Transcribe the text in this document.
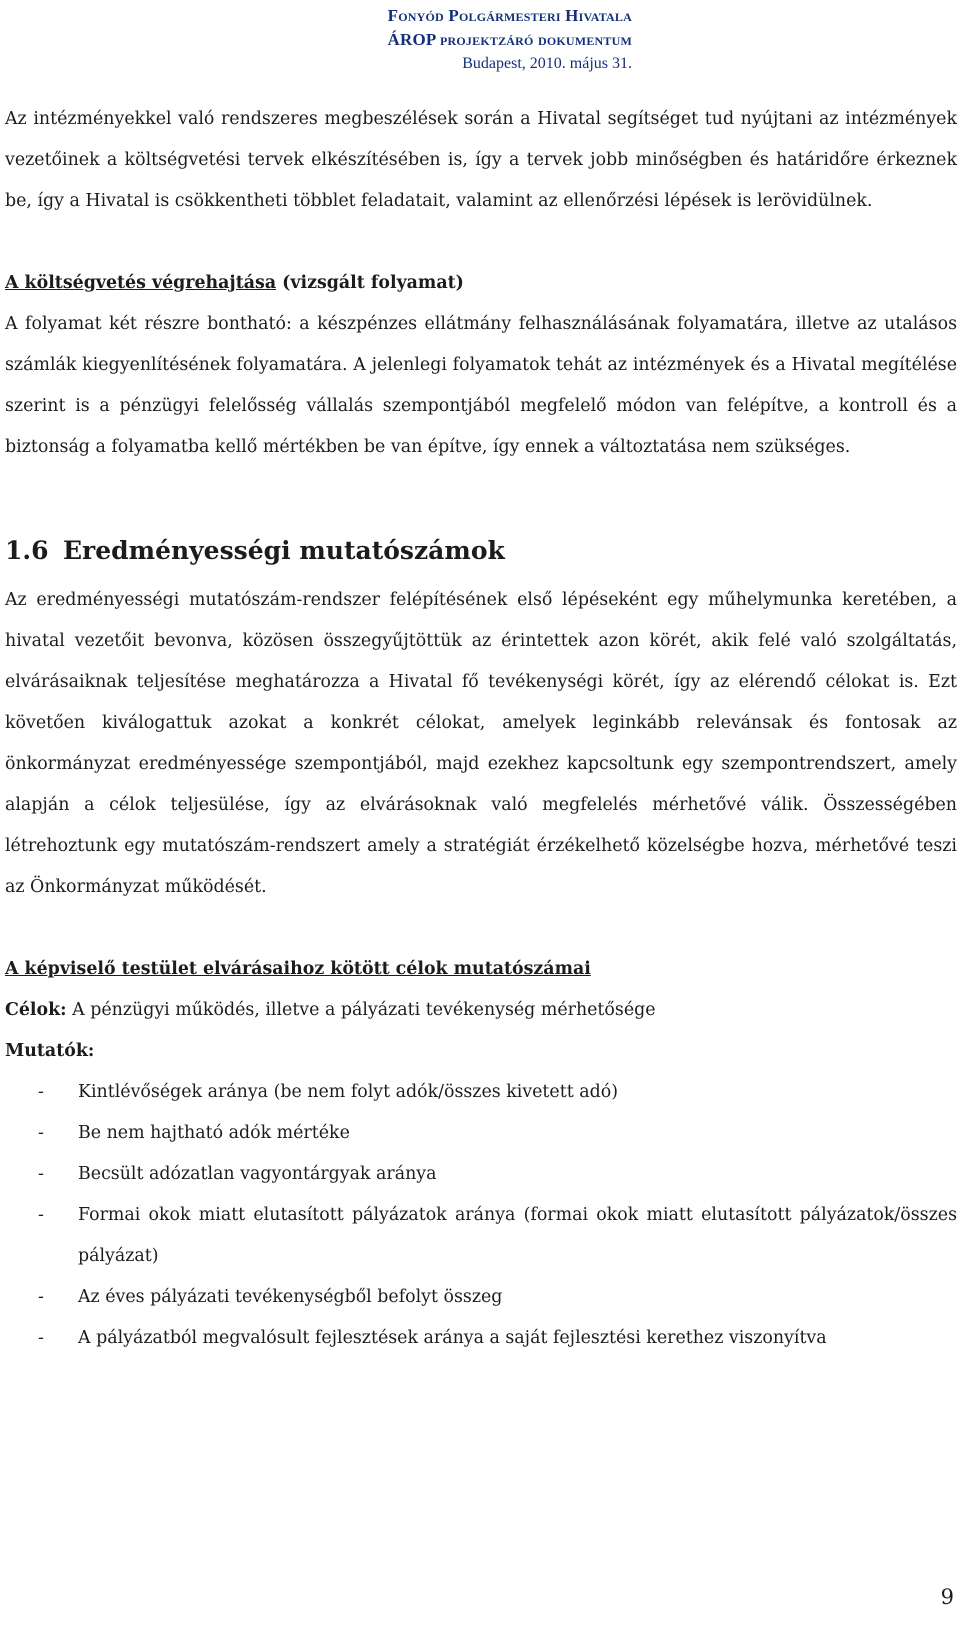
Fonyód Polgármesteri Hivatala
ÁROP projektzáró dokumentum
Budapest, 2010. május 31.

Az intézményekkel való rendszeres megbeszélések során a Hivatal segítséget tud nyújtani az intézmények vezetőinek a költségvetési tervek elkészítésében is, így a tervek jobb minőségben és határidőre érkeznek be, így a Hivatal is csökkentheti többlet feladatait, valamint az ellenőrzési lépések is lerövidülnek.

A költségvetés végrehajtása (vizsgált folyamat)

A folyamat két részre bontható: a készpénzes ellátmány felhasználásának folyamatára, illetve az utalásos számlák kiegyenlítésének folyamatára. A jelenlegi folyamatok tehát az intézmények és a Hivatal megítélése szerint is a pénzügyi felelősség vállalás szempontjából megfelelő módon van felépítve, a kontroll és a biztonság a folyamatba kellő mértékben be van építve, így ennek a változtatása nem szükséges.

1.6 Eredményességi mutatószámok

Az eredményességi mutatószám-rendszer felépítésének első lépéseként egy műhelymunka keretében, a hivatal vezetőit bevonva, közösen összegyűjtöttük az érintettek azon körét, akik felé való szolgáltatás, elvárásaiknak teljesítése meghatározza a Hivatal fő tevékenységi körét, így az elérendő célokat is. Ezt követően kiválogattuk azokat a konkrét célokat, amelyek leginkább relevánsak és fontosak az önkormányzat eredményessége szempontjából, majd ezekhez kapcsoltunk egy szempontrendszert, amely alapján a célok teljesülése, így az elvárásoknak való megfelelés mérhetővé válik. Összességében létrehoztunk egy mutatószám-rendszert amely a stratégiát érzékelhető közelségbe hozva, mérhetővé teszi az Önkormányzat működését.

A képviselő testület elvárásaihoz kötött célok mutatószámai

Célok: A pénzügyi működés, illetve a pályázati tevékenység mérhetősége

Mutatók:

- Kintlévőségek aránya (be nem folyt adók/összes kivetett adó)
- Be nem hajtható adók mértéke
- Becsült adózatlan vagyontárgyak aránya
- Formai okok miatt elutasított pályázatok aránya (formai okok miatt elutasított pályázatok/összes pályázat)
- Az éves pályázati tevékenységből befolyt összeg
- A pályázatból megvalósult fejlesztések aránya a saját fejlesztési kerethez viszonyítva
9
